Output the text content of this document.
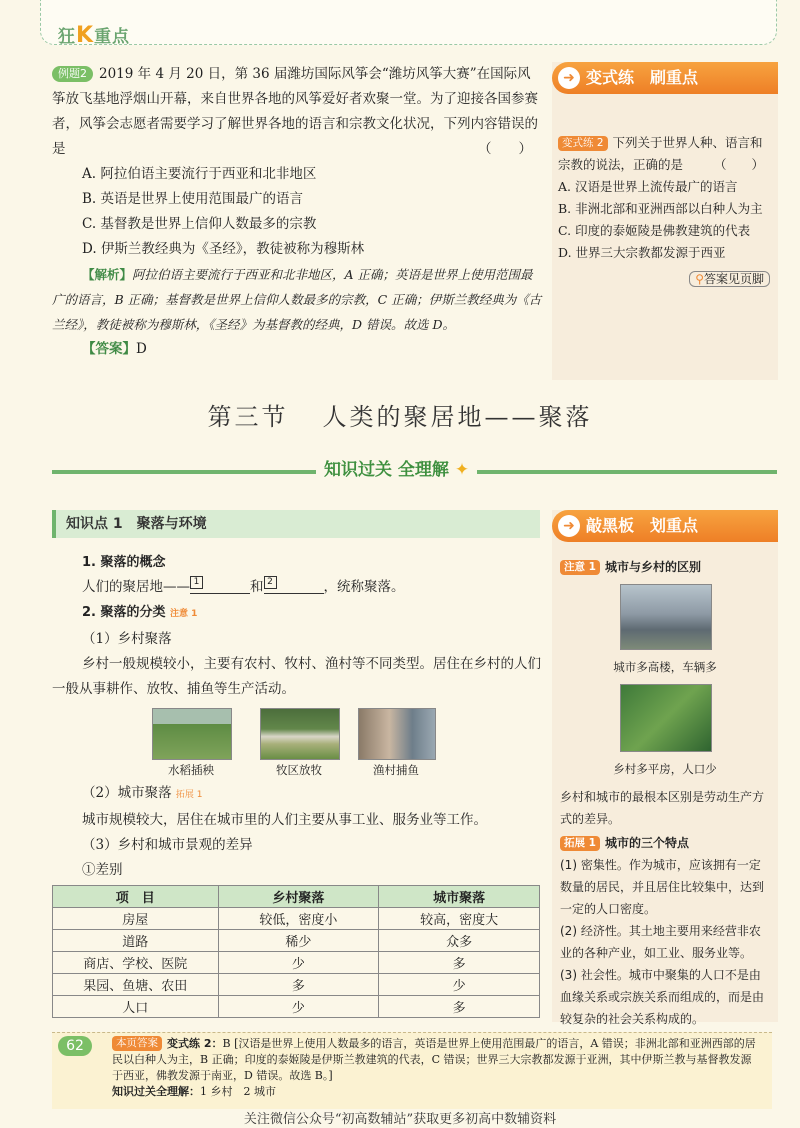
狂K重点
例题2 2019 年 4 月 20 日，第 36 届潍坊国际风筝会“潍坊风筝大赛”在国际风筝放飞基地浮烟山开幕，来自世界各地的风筝爱好者欢聚一堂。为了迎接各国参赛者，风筝会志愿者需要学习了解世界各地的语言和宗教文化状况，下列内容错误的是	（　　）
A. 阿拉伯语主要流行于西亚和北非地区
B. 英语是世界上使用范围最广的语言
C. 基督教是世界上信仰人数最多的宗教
D. 伊斯兰教经典为《圣经》，教徒被称为穆斯林
【解析】阿拉伯语主要流行于西亚和北非地区，A 正确；英语是世界上使用范围最广的语言，B 正确；基督教是世界上信仰人数最多的宗教，C 正确；伊斯兰教经典为《古兰经》，教徒被称为穆斯林，《圣经》为基督教的经典，D 错误。故选 D。
【答案】D
➜ 变式练　刷重点
变式练 2 下列关于世界人种、语言和宗教的说法，正确的是 （　　）
A. 汉语是世界上流传最广的语言
B. 非洲北部和亚洲西部以白种人为主
C. 印度的泰姬陵是佛教建筑的代表
D. 世界三大宗教都发源于西亚
⚲答案见页脚
第三节 人类的聚居地——聚落
知识过关 全理解 ✦
知识点 1　聚落与环境
1. 聚落的概念
人们的聚居地—— 1	和 2	，统称聚落。
2. 聚落的分类 注意 1
（1）乡村聚落
乡村一般规模较小，主要有农村、牧村、渔村等不同类型。居住在乡村的人们一般从事耕作、放牧、捕鱼等生产活动。
水稻插秧	牧区放牧	渔村捕鱼
（2）城市聚落 拓展 1
城市规模较大，居住在城市里的人们主要从事工业、服务业等工作。
（3）乡村和城市景观的差异
①差别
项　目	乡村聚落	城市聚落
房屋	较低，密度小	较高，密度大
道路	稀少	众多
商店、学校、医院	少	多
果园、鱼塘、农田	多	少
人口	少	多
➜ 敲黑板　划重点
注意 1 城市与乡村的区别
城市多高楼，车辆多
乡村多平房，人口少
乡村和城市的最根本区别是劳动生产方式的差异。
拓展 1 城市的三个特点
(1) 密集性。作为城市，应该拥有一定数量的居民，并且居住比较集中，达到一定的人口密度。
(2) 经济性。其土地主要用来经营非农业的各种产业，如工业、服务业等。
(3) 社会性。城市中聚集的人口不是由血缘关系或宗族关系而组成的，而是由较复杂的社会关系构成的。
62	本页答案 变式练 2：B [汉语是世界上使用人数最多的语言，英语是世界上使用范围最广的语言，A 错误；非洲北部和亚洲西部的居民以白种人为主，B 正确；印度的泰姬陵是伊斯兰教建筑的代表，C 错误；世界三大宗教都发源于亚洲，其中伊斯兰教与基督教发源于西亚，佛教发源于南亚，D 错误。故选 B。]
知识过关全理解：1 乡村　2 城市
关注微信公众号“初高数辅站”获取更多初高中数辅资料
